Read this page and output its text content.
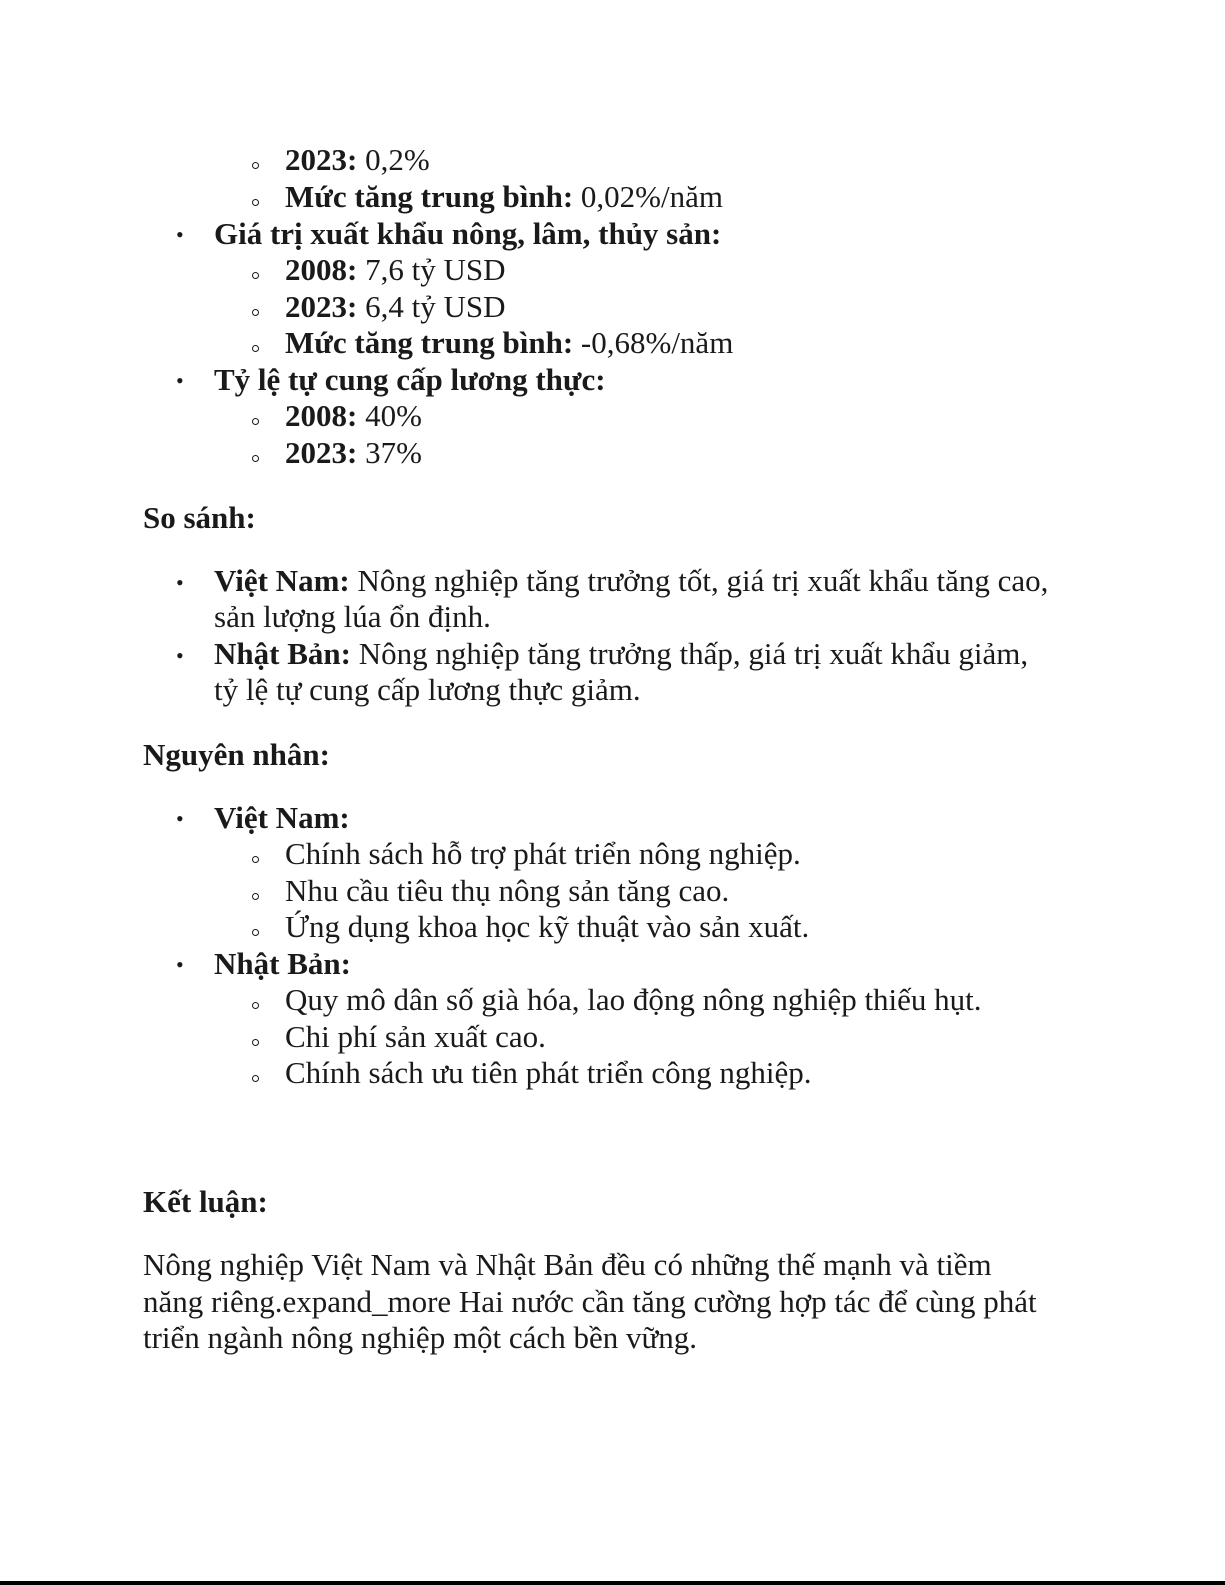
2023: 0,2%
Mức tăng trung bình: 0,02%/năm
• Giá trị xuất khẩu nông, lâm, thủy sản:
2008: 7,6 tỷ USD
2023: 6,4 tỷ USD
Mức tăng trung bình: -0,68%/năm
• Tỷ lệ tự cung cấp lương thực:
2008: 40%
2023: 37%
So sánh:
• Việt Nam: Nông nghiệp tăng trưởng tốt, giá trị xuất khẩu tăng cao,
sản lượng lúa ổn định.
• Nhật Bản: Nông nghiệp tăng trưởng thấp, giá trị xuất khẩu giảm,
tỷ lệ tự cung cấp lương thực giảm.
Nguyên nhân:
• Việt Nam:
Chính sách hỗ trợ phát triển nông nghiệp.
Nhu cầu tiêu thụ nông sản tăng cao.
Ứng dụng khoa học kỹ thuật vào sản xuất.
• Nhật Bản:
Quy mô dân số già hóa, lao động nông nghiệp thiếu hụt.
Chi phí sản xuất cao.
Chính sách ưu tiên phát triển công nghiệp.
Kết luận:
Nông nghiệp Việt Nam và Nhật Bản đều có những thế mạnh và tiềm
năng riêng.expand_more Hai nước cần tăng cường hợp tác để cùng phát
triển ngành nông nghiệp một cách bền vững.
